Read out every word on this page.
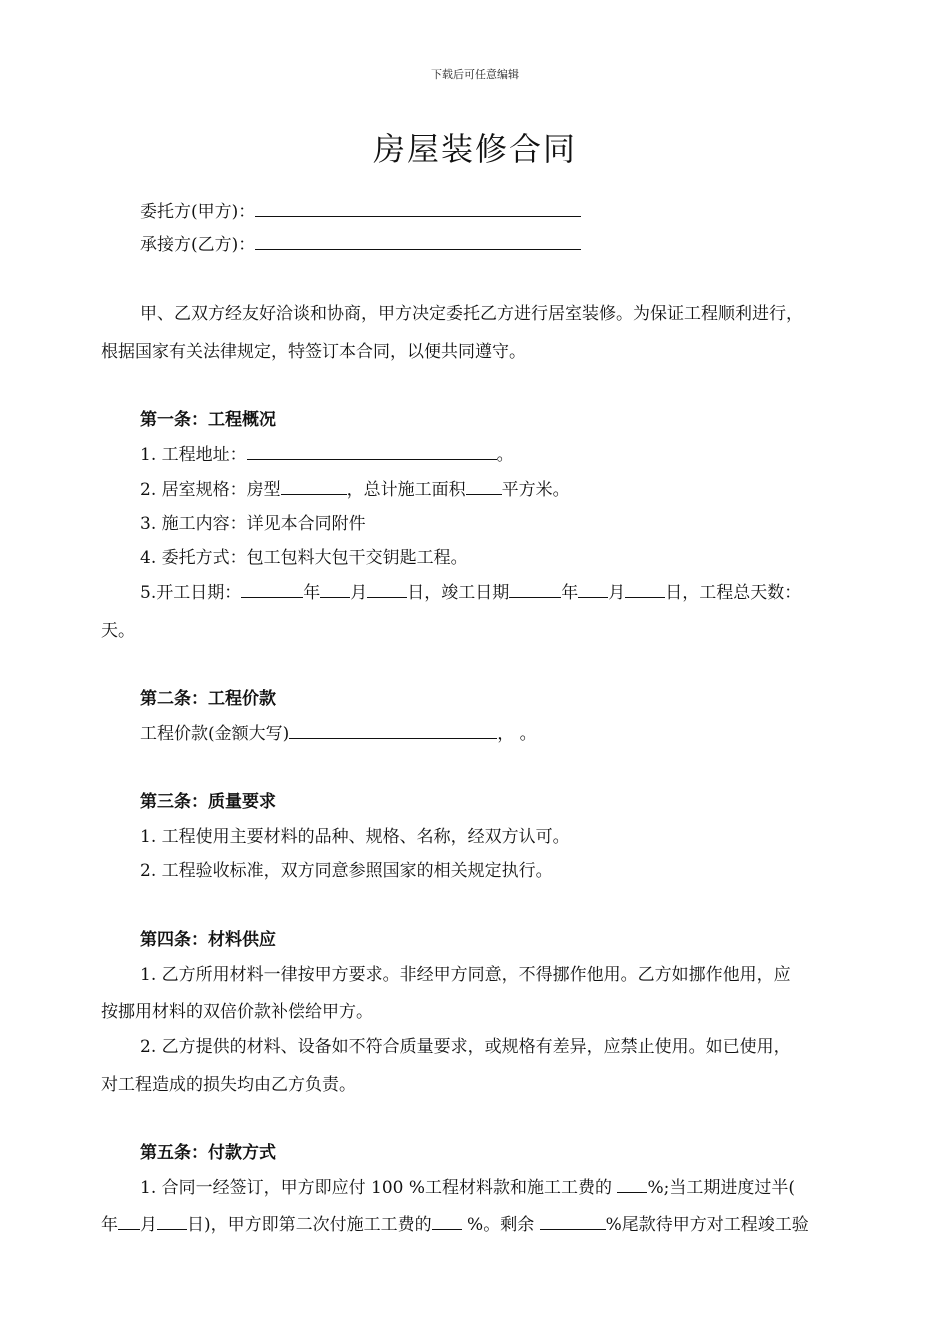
下载后可任意编辑
房屋装修合同
委托方(甲方)：
承接方(乙方)：
甲、乙双方经友好洽谈和协商，甲方决定委托乙方进行居室装修。为保证工程顺利进行，
根据国家有关法律规定，特签订本合同，以便共同遵守。
第一条：工程概况
1. 工程地址：	。
2. 居室规格：房型	，总计施工面积 平方米。
3. 施工内容：详见本合同附件
4. 委托方式：包工包料大包干交钥匙工程。
5.开工日期：	年 月 日，竣工日期	年 月 日，工程总天数：
天。
第二条：工程价款
工程价款(金额大写)	， 。
第三条：质量要求
1. 工程使用主要材料的品种、规格、名称，经双方认可。
2. 工程验收标准，双方同意参照国家的相关规定执行。
第四条：材料供应
1. 乙方所用材料一律按甲方要求。非经甲方同意，不得挪作他用。乙方如挪作他用，应
按挪用材料的双倍价款补偿给甲方。
2. 乙方提供的材料、设备如不符合质量要求，或规格有差异，应禁止使用。如已使用，
对工程造成的损失均由乙方负责。
第五条：付款方式
1. 合同一经签订，甲方即应付 100 %工程材料款和施工工费的 %;当工期进度过半(
年 月 日)，甲方即第二次付施工工费的 %。剩余	%尾款待甲方对工程竣工验
